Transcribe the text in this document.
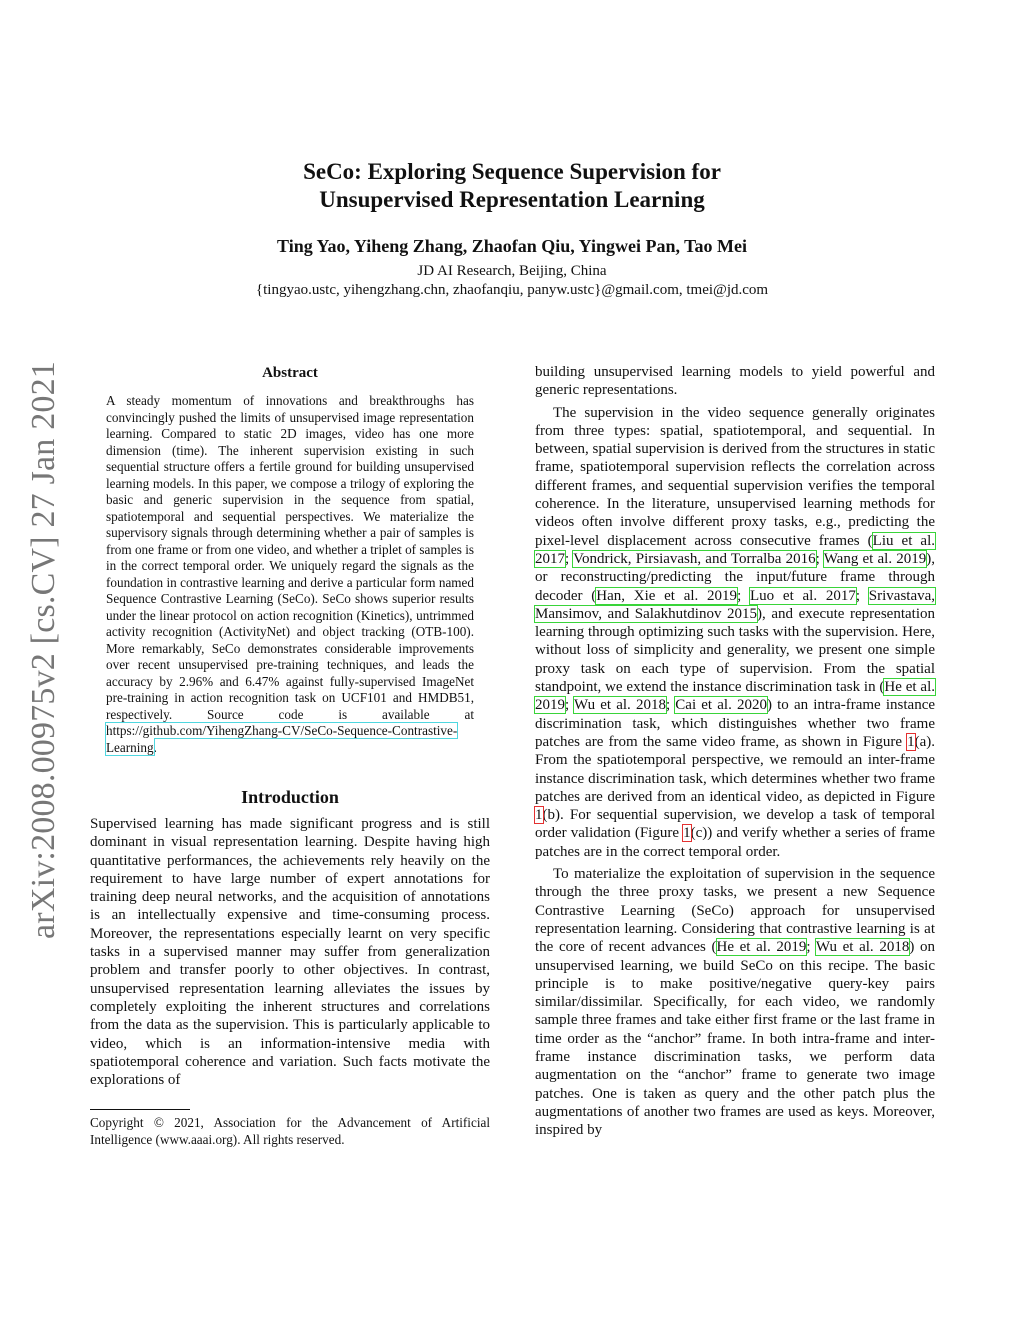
arXiv:2008.00975v2 [cs.CV] 27 Jan 2021
SeCo: Exploring Sequence Supervision for
Unsupervised Representation Learning
Ting Yao, Yiheng Zhang, Zhaofan Qiu, Yingwei Pan, Tao Mei
JD AI Research, Beijing, China
{tingyao.ustc, yihengzhang.chn, zhaofanqiu, panyw.ustc}@gmail.com, tmei@jd.com
Abstract

A steady momentum of innovations and breakthroughs has convincingly pushed the limits of unsupervised image representation learning. Compared to static 2D images, video has one more dimension (time). The inherent supervision existing in such sequential structure offers a fertile ground for building unsupervised learning models. In this paper, we compose a trilogy of exploring the basic and generic supervision in the sequence from spatial, spatiotemporal and sequential perspectives. We materialize the supervisory signals through determining whether a pair of samples is from one frame or from one video, and whether a triplet of samples is in the correct temporal order. We uniquely regard the signals as the foundation in contrastive learning and derive a particular form named Sequence Contrastive Learning (SeCo). SeCo shows superior results under the linear protocol on action recognition (Kinetics), untrimmed activity recognition (ActivityNet) and object tracking (OTB-100). More remarkably, SeCo demonstrates considerable improvements over recent unsupervised pre-training techniques, and leads the accuracy by 2.96% and 6.47% against fully-supervised ImageNet pre-training in action recognition task on UCF101 and HMDB51, respectively. Source code is available at https://github.com/YihengZhang-CV/SeCo-Sequence-Contrastive-Learning.

Introduction

Supervised learning has made significant progress and is still dominant in visual representation learning. Despite having high quantitative performances, the achievements rely heavily on the requirement to have large number of expert annotations for training deep neural networks, and the acquisition of annotations is an intellectually expensive and time-consuming process. Moreover, the representations especially learnt on very specific tasks in a supervised manner may suffer from generalization problem and transfer poorly to other objectives. In contrast, unsupervised representation learning alleviates the issues by completely exploiting the inherent structures and correlations from the data as the supervision. This is particularly applicable to video, which is an information-intensive media with spatiotemporal coherence and variation. Such facts motivate the explorations of

Copyright © 2021, Association for the Advancement of Artificial Intelligence (www.aaai.org). All rights reserved.

building unsupervised learning models to yield powerful and generic representations.

The supervision in the video sequence generally originates from three types: spatial, spatiotemporal, and sequential. In between, spatial supervision is derived from the structures in static frame, spatiotemporal supervision reflects the correlation across different frames, and sequential supervision verifies the temporal coherence. In the literature, unsupervised learning methods for videos often involve different proxy tasks, e.g., predicting the pixel-level displacement across consecutive frames (Liu et al. 2017; Vondrick, Pirsiavash, and Torralba 2016; Wang et al. 2019), or reconstructing/predicting the input/future frame through decoder (Han, Xie et al. 2019; Luo et al. 2017; Srivastava, Mansimov, and Salakhutdinov 2015), and execute representation learning through optimizing such tasks with the supervision. Here, without loss of simplicity and generality, we present one simple proxy task on each type of supervision. From the spatial standpoint, we extend the instance discrimination task in (He et al. 2019; Wu et al. 2018; Cai et al. 2020) to an intra-frame instance discrimination task, which distinguishes whether two frame patches are from the same video frame, as shown in Figure 1(a). From the spatiotemporal perspective, we remould an inter-frame instance discrimination task, which determines whether two frame patches are derived from an identical video, as depicted in Figure 1(b). For sequential supervision, we develop a task of temporal order validation (Figure 1(c)) and verify whether a series of frame patches are in the correct temporal order.

To materialize the exploitation of supervision in the sequence through the three proxy tasks, we present a new Sequence Contrastive Learning (SeCo) approach for unsupervised representation learning. Considering that contrastive learning is at the core of recent advances (He et al. 2019; Wu et al. 2018) on unsupervised learning, we build SeCo on this recipe. The basic principle is to make positive/negative query-key pairs similar/dissimilar. Specifically, for each video, we randomly sample three frames and take either first frame or the last frame in time order as the “anchor” frame. In both intra-frame and inter-frame instance discrimination tasks, we perform data augmentation on the “anchor” frame to generate two image patches. One is taken as query and the other patch plus the augmentations of another two frames are used as keys. Moreover, inspired by
